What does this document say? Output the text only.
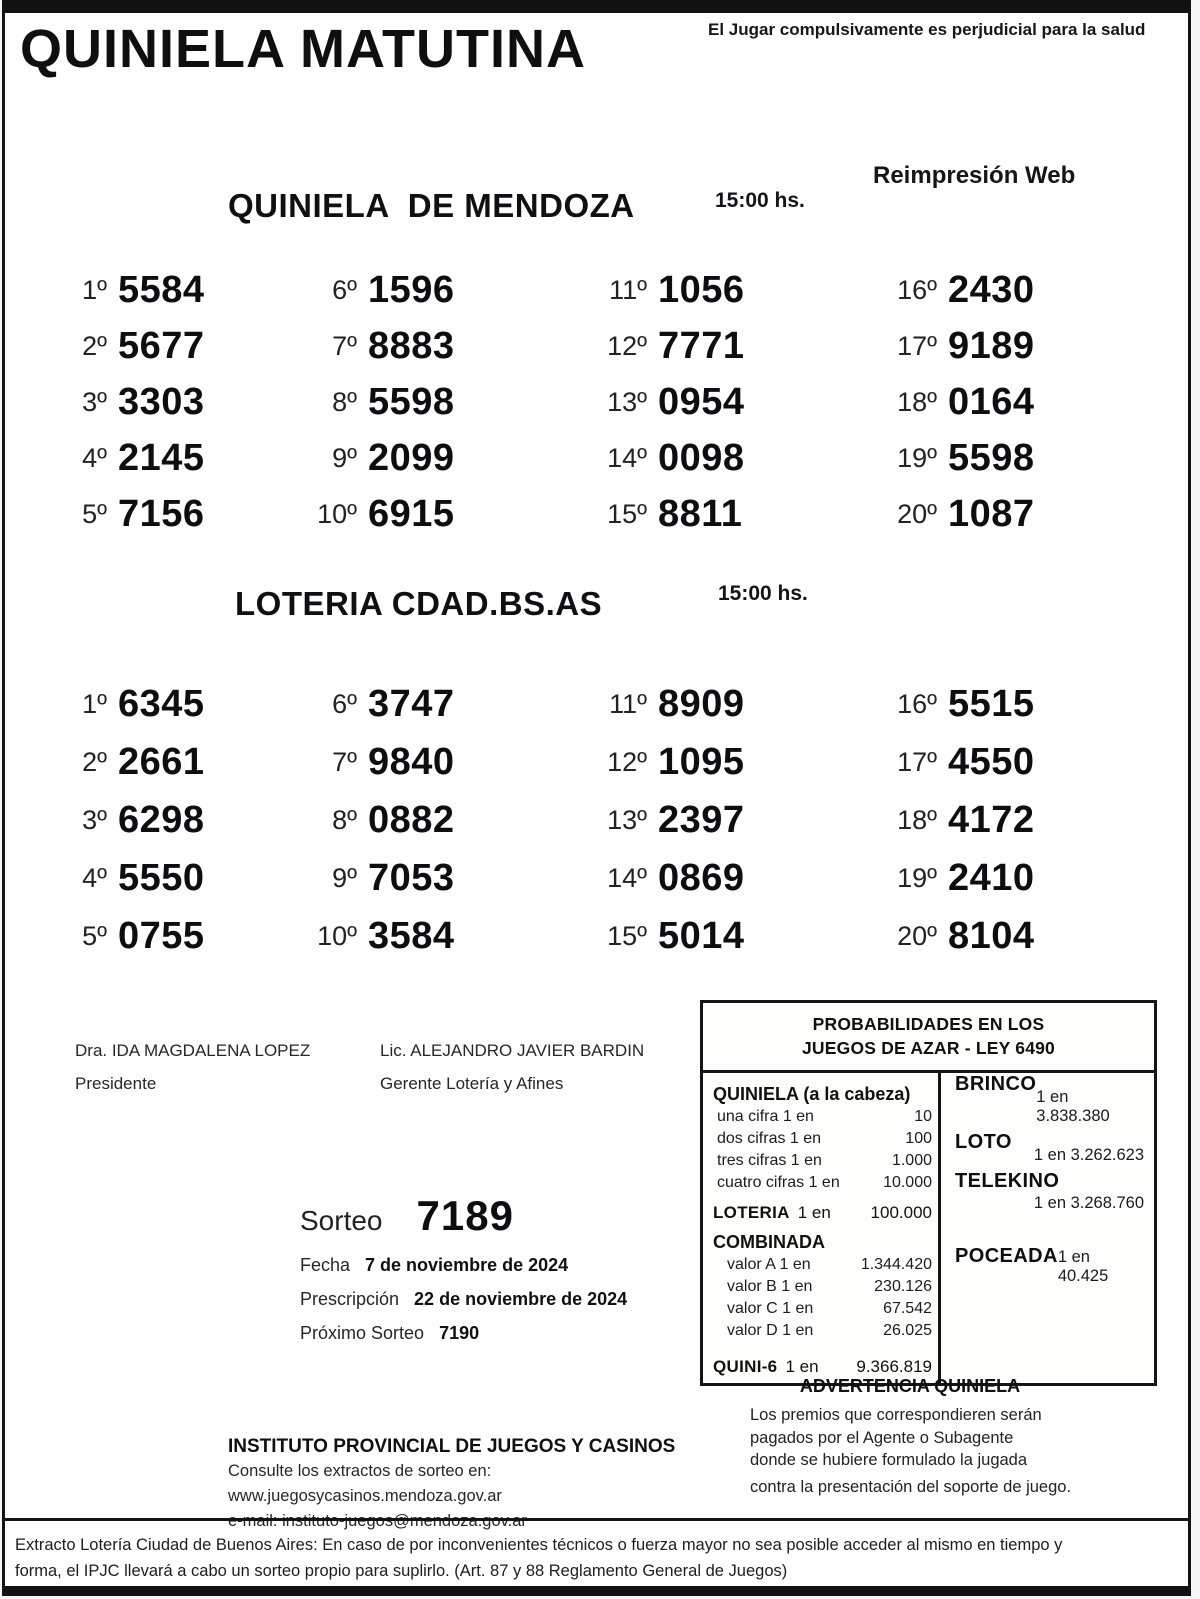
QUINIELA MATUTINA	El Jugar compulsivamente es perjudicial para la salud
Reimpresión Web
QUINIELA  DE MENDOZA	15:00 hs.
1º 5584
2º 5677
3º 3303
4º 2145
5º 7156
6º 1596
7º 8883
8º 5598
9º 2099
10º 6915
11º 1056
12º 7771
13º 0954
14º 0098
15º 8811
16º 2430
17º 9189
18º 0164
19º 5598
20º 1087
LOTERIA CDAD.BS.AS	15:00 hs.
1º 6345
2º 2661
3º 6298
4º 5550
5º 0755
6º 3747
7º 9840
8º 0882
9º 7053
10º 3584
11º 8909
12º 1095
13º 2397
14º 0869
15º 5014
16º 5515
17º 4550
18º 4172
19º 2410
20º 8104
Dra. IDA MAGDALENA LOPEZ
Presidente
Lic. ALEJANDRO JAVIER BARDIN
Gerente Lotería y Afines
PROBABILIDADES EN LOS
JUEGOS DE AZAR - LEY 6490
QUINIELA (a la cabeza)
una cifra 1 en	10
dos cifras 1 en	100
tres cifras 1 en	1.000
cuatro cifras 1 en	10.000
LOTERIA 1 en 100.000
COMBINADA
valor A 1 en	1.344.420
valor B 1 en	230.126
valor C 1 en	67.542
valor D 1 en	26.025
QUINI-6 1 en 9.366.819
BRINCO
1 en 3.838.380
LOTO
1 en 3.262.623
TELEKINO
1 en 3.268.760
POCEADA 1 en 40.425
Sorteo 7189
Fecha 7 de noviembre de 2024
Prescripción 22 de noviembre de 2024
Próximo Sorteo 7190
INSTITUTO PROVINCIAL DE JUEGOS Y CASINOS
Consulte los extractos de sorteo en:
www.juegosycasinos.mendoza.gov.ar
e-mail: instituto-juegos@mendoza.gov.ar
ADVERTENCIA QUINIELA
Los premios que correspondieren serán
pagados por el Agente o Subagente
donde se hubiere formulado la jugada
contra la presentación del soporte de juego.
Extracto Lotería Ciudad de Buenos Aires: En caso de por inconvenientes técnicos o fuerza mayor no sea posible acceder al mismo en tiempo y
forma, el IPJC llevará a cabo un sorteo propio para suplirlo. (Art. 87 y 88 Reglamento General de Juegos)
